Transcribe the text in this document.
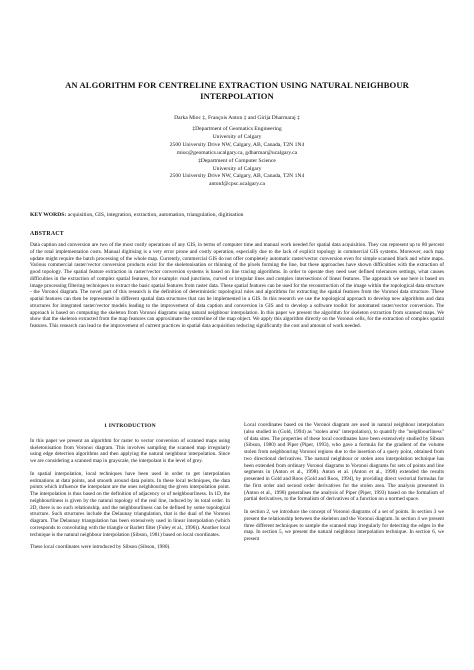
AN ALGORITHM FOR CENTRELINE EXTRACTION USING NATURAL NEIGHBOUR
INTERPOLATION
Darka Mioc ‡, François Anton ‡ and Girija Dharmaraj ‡
‡Department of Geomatics Engineering
University of Calgary
2500 University Drive NW, Calgary, AB, Canada, T2N 1N4
mioc@geomatics.ucalgary.ca, gdharmar@ucalgary.ca
‡Department of Computer Science
University of Calgary
2500 University Drive NW, Calgary, AB, Canada, T2N 1N4
antonf@cpsc.ucalgary.ca
KEY WORDS: acquisition, GIS, integration, extraction, automation, triangulation, digitisation
ABSTRACT
Data caption and conversion are two of the most costly operations of any GIS, in terms of computer time and manual work needed for spatial data acquisition. They can represent up to 80 percent of the total implementation costs. Manual digitising is a very error prone and costly operation, especially due to the lack of explicit topology in commercial GIS systems. Moreover, each map update might require the batch processing of the whole map. Currently, commercial GIS do not offer completely automatic raster/vector conversion even for simple scanned black and white maps. Various commercial raster/vector conversion products exist for the skeletonisation or thinning of the pixels forming the line, but these approaches have shown difficulties with the extraction of good topology. The spatial feature extraction in raster/vector conversion systems is based on line tracing algorithms. In order to operate they need user defined tolerances settings, what causes difficulties in the extraction of complex spatial features, for example: road junctions, curved or irregular lines and complex intersections of linear features. The approach we use here is based on image processing filtering techniques to extract the basic spatial features from raster data. These spatial features can be used for the reconstruction of the image within the topological data structure - the Voronoi diagram. The novel part of this research is the definition of deterministic topological rules and algorithms for extracting the spatial features from the Voronoi data structure. These spatial features can then be represented in different spatial data structures that can be implemented in a GIS. In this research we use the topological approach to develop new algorithms and data structures for integrated raster/vector models leading to the improvement of data caption and conversion in GIS and to develop a software toolkit for automated raster/vector conversion. The approach is based on computing the skeleton from Voronoi diagrams using natural neighbour interpolation. In this paper we present the algorithm for skeleton extraction from scanned maps. We show that the skeleton extracted from the map features can approximate the centreline of the map object. We apply this algorithm directly on the Voronoi cells, for the extraction of complex spatial features. This research can lead to the improvement of current practices in spatial data acquisition reducing significantly the cost and amount of work needed.
1 INTRODUCTION

In this paper we present an algorithm for raster to vector conversion of scanned maps using skeletonisation from Voronoi diagram. This involves sampling the scanned map irregularly using edge detection algorithms and then applying the natural neighbour interpolation. Since we are considering a scanned map in grayscale, the interpolant is the level of grey.

In spatial interpolation, local techniques have been used in order to get interpolation estimations at data points, and smooth around data points. In these local techniques, the data points which influence the interpolant are the ones neighbouring the given interpolation point. The interpolation is thus based on the definition of adjacency or of neighbourliness. In 1D, the neighbourliness is given by the natural topology of the real line, induced by its total order. In 2D, there is no such relationship, and the neighbourliness can be defined by some topological structure. Such structures include the Delaunay triangulation, that is the dual of the Voronoi diagram. The Delaunay triangulation has been extensively used in linear interpolation (which corresponds to convoluting with the triangle or Barlett filter (Foley et al., 1996)). Another local technique is the natural neighbour interpolation (Sibson, 1981) based on local coordinates.

These local coordinates were introduced by Sibson (Sibson, 1980).

Local coordinates based on the Voronoi diagram are used in natural neighbour interpolation (also studied in (Gold, 1994) as "stolen area" interpolation), to quantify the "neighbourliness" of data sites. The properties of these local coordinates have been extensively studied by Sibson (Sibson, 1980) and Piper (Piper, 1993), who gave a formula for the gradient of the volume stolen from neighbouring Voronoi regions due to the insertion of a query point, obtained from two directional derivatives. The natural neighbour or stolen area interpolation technique has been extended from ordinary Voronoi diagrams to Voronoi diagrams for sets of points and line segments in (Anton et al., 1998). Anton et al. (Anton et al., 1998) extended the results presented in Gold and Roos (Gold and Roos, 1994), by providing direct vectorial formulas for the first order and second order derivatives for the stolen area. The analysis presented in (Anton et al., 1998) generalises the analysis of Piper (Piper, 1993) based on the formalism of partial derivatives, to the formalism of derivatives of a function on a normed space.

In section 2, we introduce the concept of Voronoi diagrams of a set of points. In section 3 we present the relationship between the skeleton and the Voronoi diagram. In section 4 we present three different techniques to sample the scanned map irregularly for detecting the edges in the map. In section 5, we present the natural neighbour interpolation technique. In section 6, we present
